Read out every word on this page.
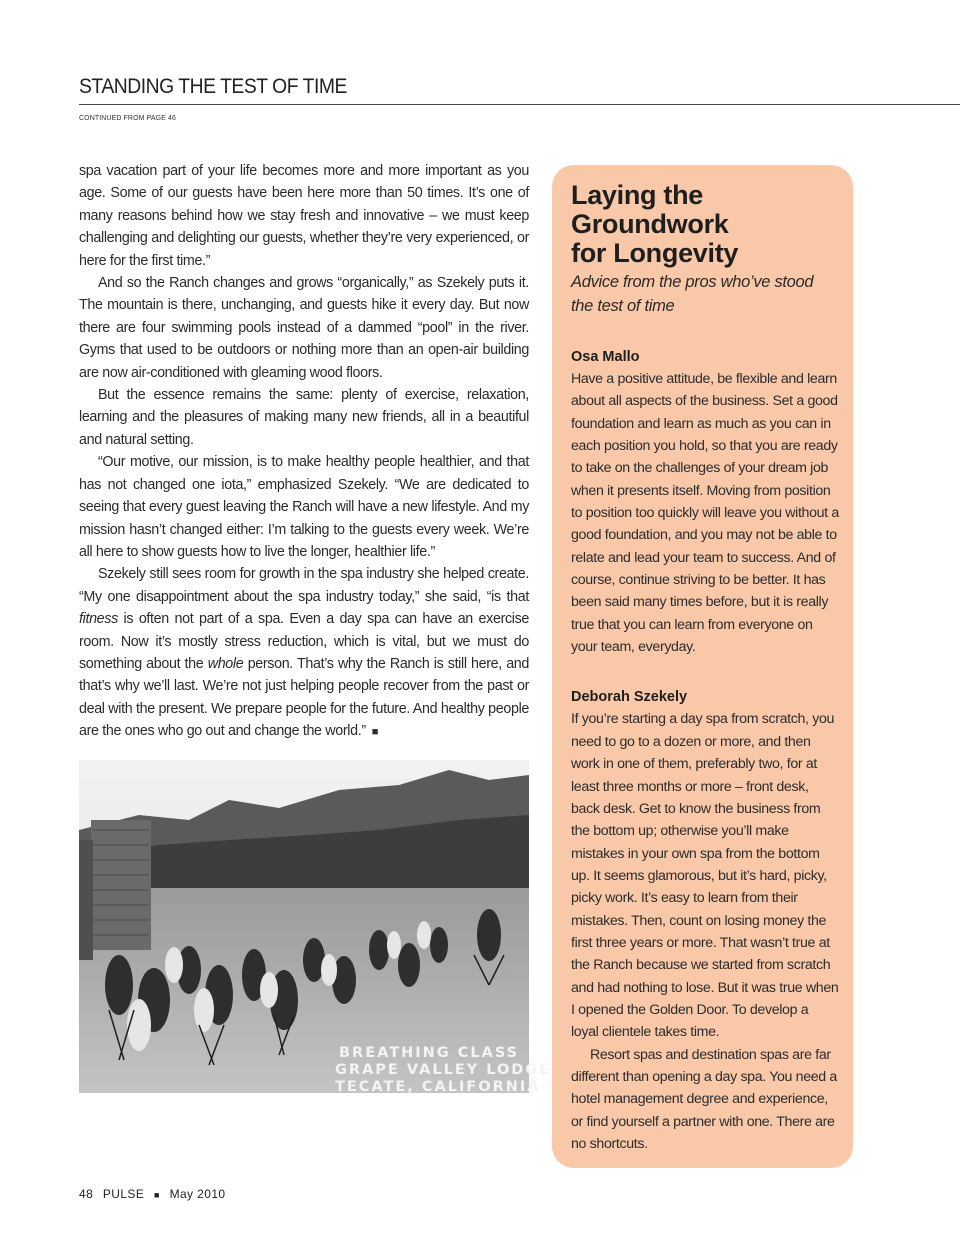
STANDING THE TEST OF TIME
CONTINUED FROM PAGE 46

spa vacation part of your life becomes more and more important as you age. Some of our guests have been here more than 50 times. It’s one of many reasons behind how we stay fresh and innovative – we must keep challenging and delighting our guests, whether they’re very experienced, or here for the first time.”

And so the Ranch changes and grows “organically,” as Szekely puts it. The mountain is there, unchanging, and guests hike it every day. But now there are four swimming pools instead of a dammed “pool” in the river. Gyms that used to be outdoors or nothing more than an open-air building are now air-conditioned with gleaming wood floors.

But the essence remains the same: plenty of exercise, relaxation, learning and the pleasures of making many new friends, all in a beautiful and natural setting.

“Our motive, our mission, is to make healthy people healthier, and that has not changed one iota,” emphasized Szekely. “We are dedicated to seeing that every guest leaving the Ranch will have a new lifestyle. And my mission hasn’t changed either: I’m talking to the guests every week. We’re all here to show guests how to live the longer, healthier life.”

Szekely still sees room for growth in the spa industry she helped create. “My one disappointment about the spa industry today,” she said, “is that fitness is often not part of a spa. Even a day spa can have an exercise room. Now it’s mostly stress reduction, which is vital, but we must do something about the whole person. That’s why the Ranch is still here, and that’s why we’ll last. We’re not just helping people recover from the past or deal with the present. We prepare people for the future. And healthy people are the ones who go out and change the world.” ■

BREATHING CLASS
GRAPE VALLEY LODGE
TECATE, CALIFORNIA
Laying the
Groundwork
for Longevity

Advice from the pros who’ve stood the test of time

Osa Mallo

Have a positive attitude, be flexible and learn about all aspects of the business. Set a good foundation and learn as much as you can in each position you hold, so that you are ready to take on the challenges of your dream job when it presents itself. Moving from position to position too quickly will leave you without a good foundation, and you may not be able to relate and lead your team to success. And of course, continue striving to be better. It has been said many times before, but it is really true that you can learn from everyone on your team, everyday.

Deborah Szekely

If you’re starting a day spa from scratch, you need to go to a dozen or more, and then work in one of them, preferably two, for at least three months or more – front desk, back desk. Get to know the business from the bottom up; otherwise you’ll make mistakes in your own spa from the bottom up. It seems glamorous, but it’s hard, picky, picky work. It’s easy to learn from their mistakes. Then, count on losing money the first three years or more. That wasn’t true at the Ranch because we started from scratch and had nothing to lose. But it was true when I opened the Golden Door. To develop a loyal clientele takes time.

Resort spas and destination spas are far different than opening a day spa. You need a hotel management degree and experience, or find yourself a partner with one. There are no shortcuts.

48 PULSE ■ May 2010
